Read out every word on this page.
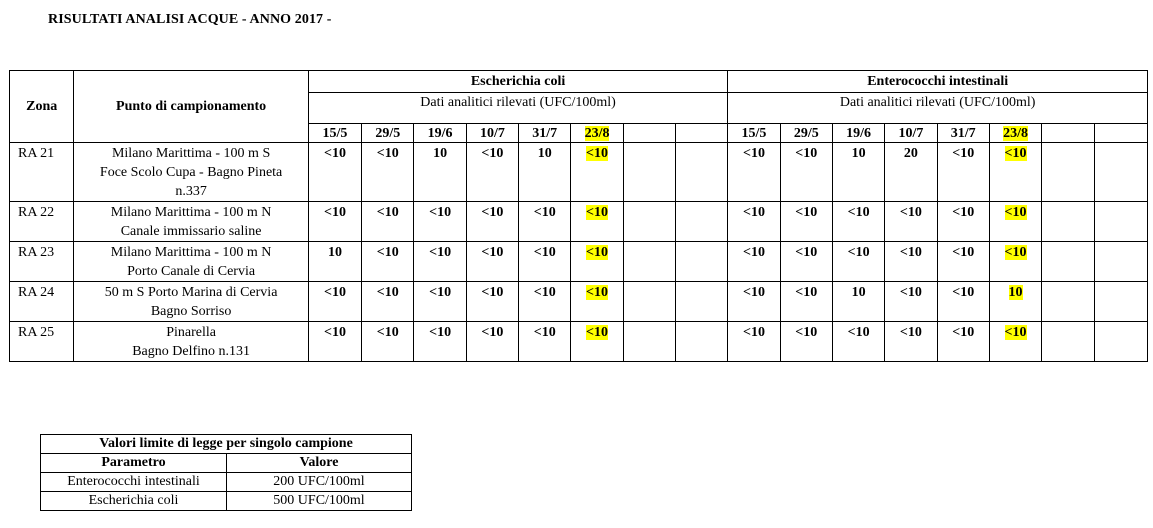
RISULTATI ANALISI ACQUE - ANNO 2017 -
Zona	Punto di campionamento	Escherichia coli								Enterococchi intestinali							
		Dati analitici rilevati (UFC/100ml)								Dati analitici rilevati (UFC/100ml)							
		15/5	29/5	19/6	10/7	31/7	23/8			15/5	29/5	19/6	10/7	31/7	23/8		
RA 21	Milano Marittima - 100 m S
Foce Scolo Cupa - Bagno Pineta
n.337	<10	<10	10	<10	10	<10			<10	<10	10	20	<10	<10		
RA 22	Milano Marittima - 100 m N
Canale immissario saline	<10	<10	<10	<10	<10	<10			<10	<10	<10	<10	<10	<10		
RA 23	Milano Marittima - 100 m N
Porto Canale di Cervia	10	<10	<10	<10	<10	<10			<10	<10	<10	<10	<10	<10		
RA 24	50 m S Porto Marina di Cervia
Bagno Sorriso	<10	<10	<10	<10	<10	<10			<10	<10	10	<10	<10	10		
RA 25	Pinarella
Bagno Delfino n.131	<10	<10	<10	<10	<10	<10			<10	<10	<10	<10	<10	<10		
Valori limite di legge per singolo campione	
Parametro	Valore
Enterococchi intestinali	200 UFC/100ml
Escherichia coli	500 UFC/100ml
